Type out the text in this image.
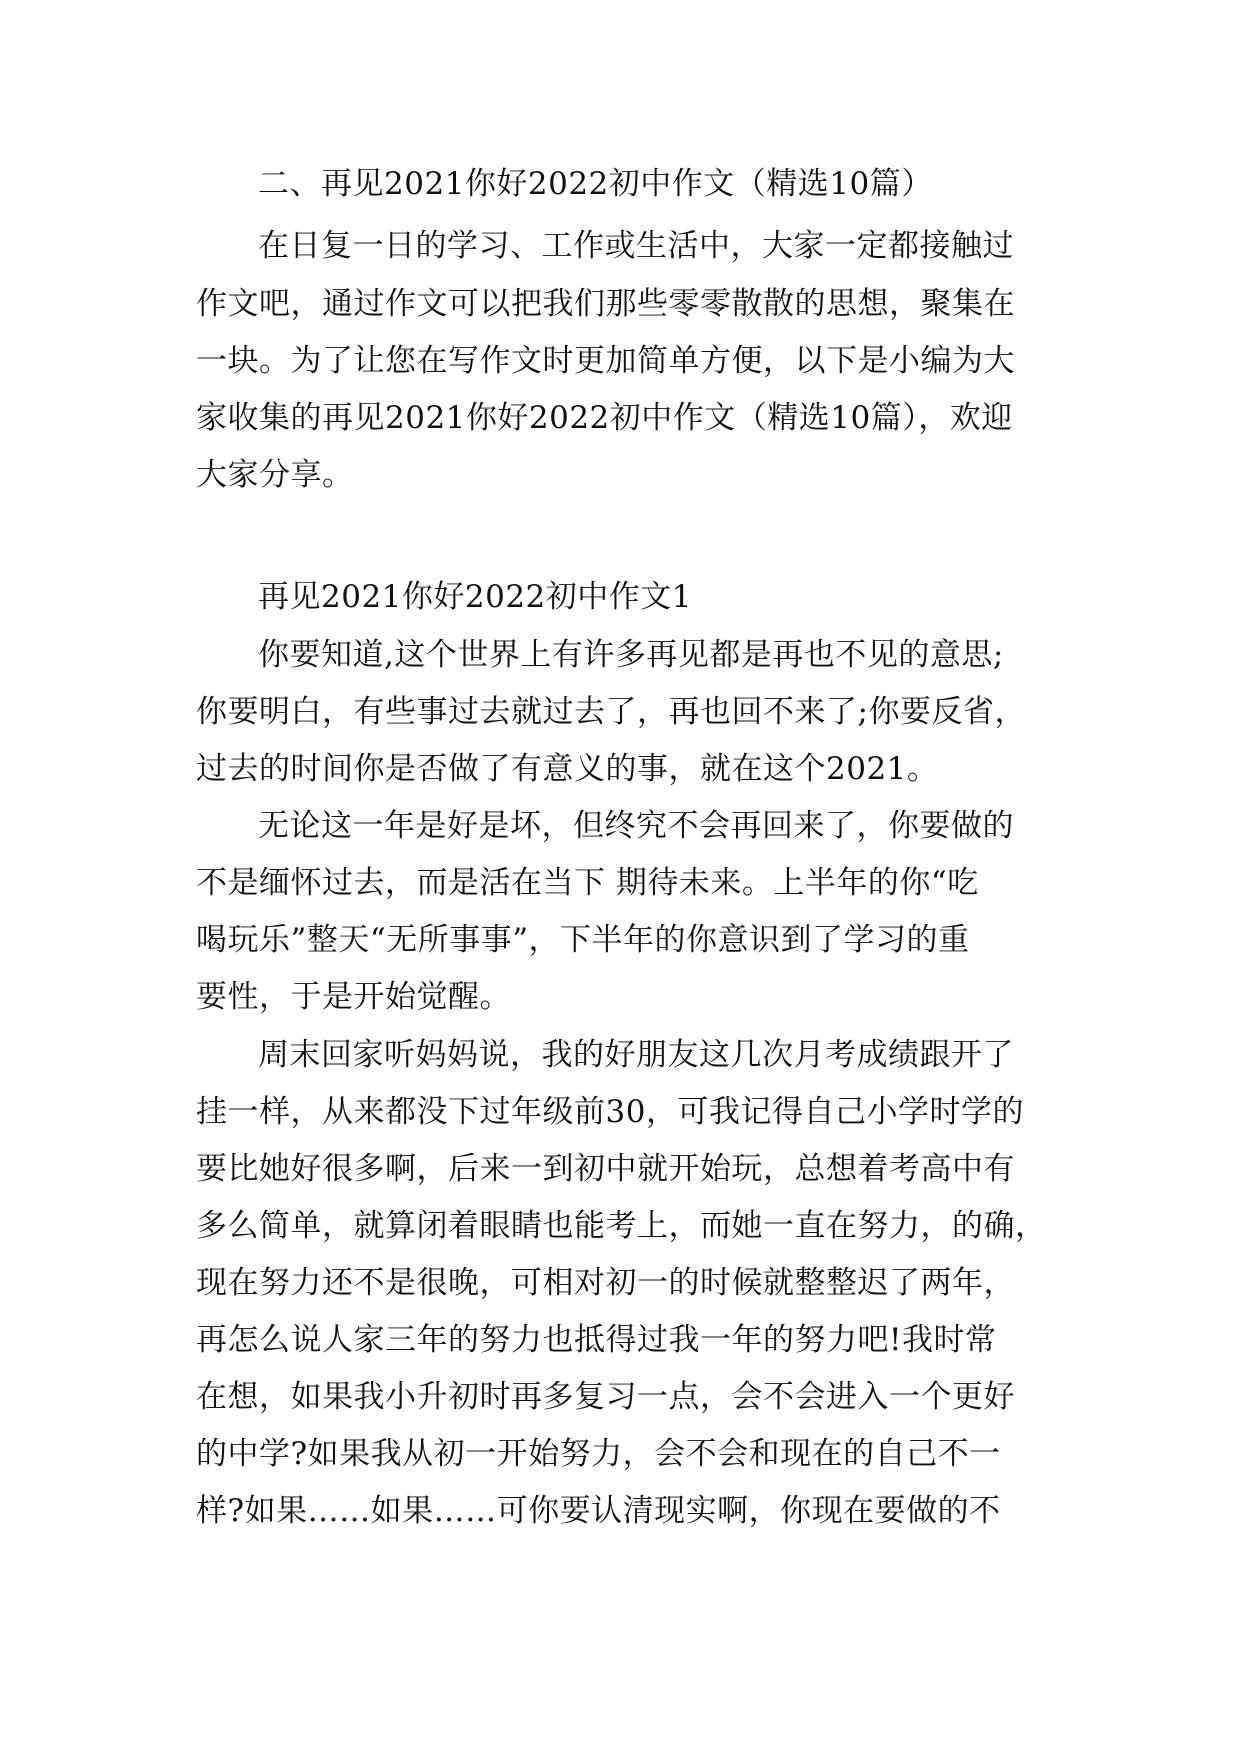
二、再见2021你好2022初中作文（精选10篇）
在日复一日的学习、工作或生活中，大家一定都接触过
作文吧，通过作文可以把我们那些零零散散的思想，聚集在
一块。为了让您在写作文时更加简单方便，以下是小编为大
家收集的再见2021你好2022初中作文（精选10篇），欢迎
大家分享。
再见2021你好2022初中作文1
你要知道,这个世界上有许多再见都是再也不见的意思;
你要明白，有些事过去就过去了，再也回不来了;你要反省，
过去的时间你是否做了有意义的事，就在这个2021。
无论这一年是好是坏，但终究不会再回来了，你要做的
不是缅怀过去，而是活在当下 期待未来。上半年的你“吃
喝玩乐”整天“无所事事”，下半年的你意识到了学习的重
要性，于是开始觉醒。
周末回家听妈妈说，我的好朋友这几次月考成绩跟开了
挂一样，从来都没下过年级前30，可我记得自己小学时学的
要比她好很多啊，后来一到初中就开始玩，总想着考高中有
多么简单，就算闭着眼睛也能考上，而她一直在努力，的确，
现在努力还不是很晚，可相对初一的时候就整整迟了两年，
再怎么说人家三年的努力也抵得过我一年的努力吧!我时常
在想，如果我小升初时再多复习一点，会不会进入一个更好
的中学?如果我从初一开始努力，会不会和现在的自己不一
样?如果……如果……可你要认清现实啊，你现在要做的不
